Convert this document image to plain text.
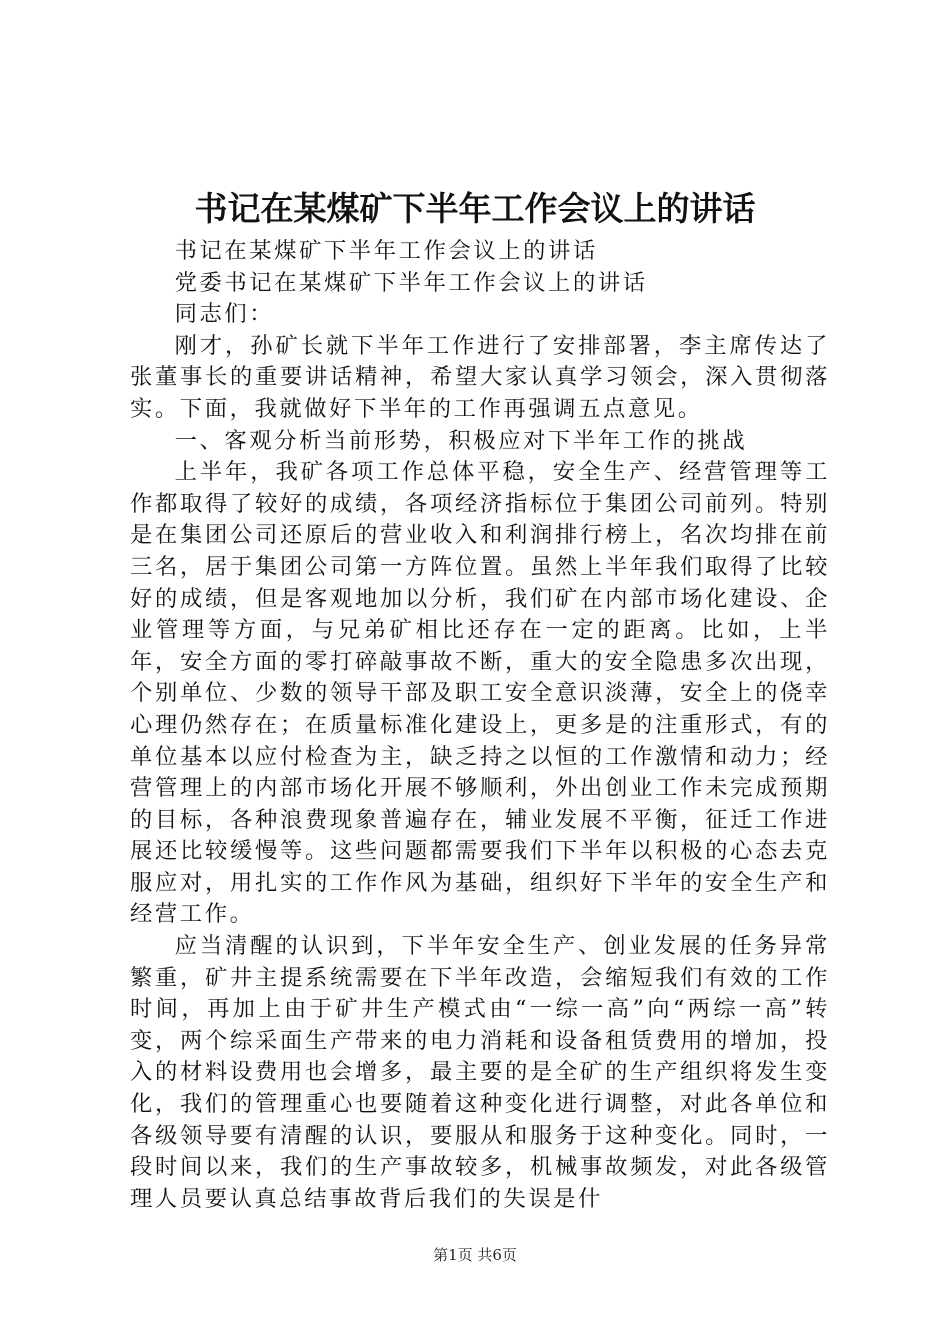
书记在某煤矿下半年工作会议上的讲话

书记在某煤矿下半年工作会议上的讲话

党委书记在某煤矿下半年工作会议上的讲话

同志们：

刚才，孙矿长就下半年工作进行了安排部署，李主席传达了张董事长的重要讲话精神，希望大家认真学习领会，深入贯彻落实。下面，我就做好下半年的工作再强调五点意见。

一、客观分析当前形势，积极应对下半年工作的挑战

上半年，我矿各项工作总体平稳，安全生产、经营管理等工作都取得了较好的成绩，各项经济指标位于集团公司前列。特别是在集团公司还原后的营业收入和利润排行榜上，名次均排在前三名，居于集团公司第一方阵位置。虽然上半年我们取得了比较好的成绩，但是客观地加以分析，我们矿在内部市场化建设、企业管理等方面，与兄弟矿相比还存在一定的距离。比如，上半年，安全方面的零打碎敲事故不断，重大的安全隐患多次出现，个别单位、少数的领导干部及职工安全意识淡薄，安全上的侥幸心理仍然存在；在质量标准化建设上，更多是的注重形式，有的单位基本以应付检查为主，缺乏持之以恒的工作激情和动力；经营管理上的内部市场化开展不够顺利，外出创业工作未完成预期的目标，各种浪费现象普遍存在，辅业发展不平衡，征迁工作进展还比较缓慢等。这些问题都需要我们下半年以积极的心态去克服应对，用扎实的工作作风为基础，组织好下半年的安全生产和经营工作。

应当清醒的认识到，下半年安全生产、创业发展的任务异常繁重，矿井主提系统需要在下半年改造，会缩短我们有效的工作时间，再加上由于矿井生产模式由“一综一高”向“两综一高”转变，两个综采面生产带来的电力消耗和设备租赁费用的增加，投入的材料设费用也会增多，最主要的是全矿的生产组织将发生变化，我们的管理重心也要随着这种变化进行调整，对此各单位和各级领导要有清醒的认识，要服从和服务于这种变化。同时，一段时间以来，我们的生产事故较多，机械事故频发，对此各级管理人员要认真总结事故背后我们的失误是什

第1页 共6页
